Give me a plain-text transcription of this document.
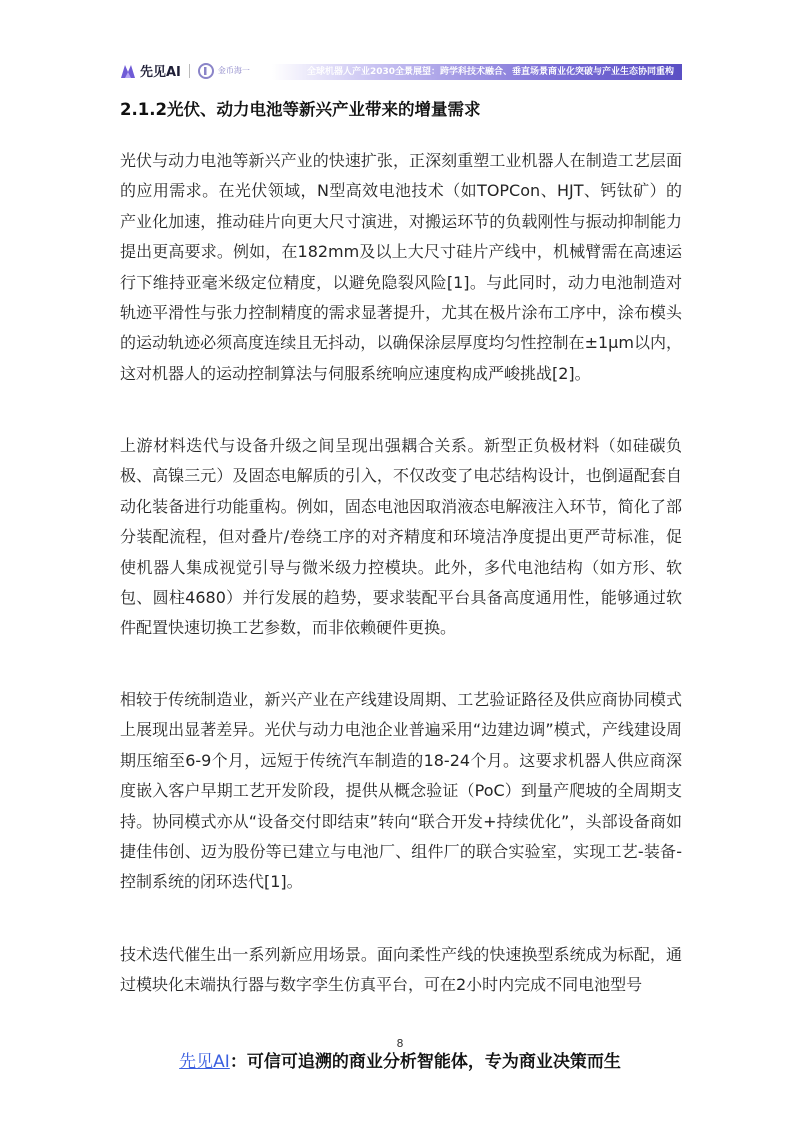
先见AI	金币海一	全球机器人产业2030全景展望：跨学科技术融合、垂直场景商业化突破与产业生态协同重构
2.1.2光伏、动力电池等新兴产业带来的增量需求

光伏与动力电池等新兴产业的快速扩张，正深刻重塑工业机器人在制造工艺层面的应用需求。在光伏领域，N型高效电池技术（如TOPCon、HJT、钙钛矿）的产业化加速，推动硅片向更大尺寸演进，对搬运环节的负载刚性与振动抑制能力提出更高要求。例如，在182mm及以上大尺寸硅片产线中，机械臂需在高速运行下维持亚毫米级定位精度，以避免隐裂风险[1]。与此同时，动力电池制造对轨迹平滑性与张力控制精度的需求显著提升，尤其在极片涂布工序中，涂布模头的运动轨迹必须高度连续且无抖动，以确保涂层厚度均匀性控制在±1μm以内，这对机器人的运动控制算法与伺服系统响应速度构成严峻挑战[2]。

上游材料迭代与设备升级之间呈现出强耦合关系。新型正负极材料（如硅碳负极、高镍三元）及固态电解质的引入，不仅改变了电芯结构设计，也倒逼配套自动化装备进行功能重构。例如，固态电池因取消液态电解液注入环节，简化了部分装配流程，但对叠片/卷绕工序的对齐精度和环境洁净度提出更严苛标准，促使机器人集成视觉引导与微米级力控模块。此外，多代电池结构（如方形、软包、圆柱4680）并行发展的趋势，要求装配平台具备高度通用性，能够通过软件配置快速切换工艺参数，而非依赖硬件更换。

相较于传统制造业，新兴产业在产线建设周期、工艺验证路径及供应商协同模式上展现出显著差异。光伏与动力电池企业普遍采用“边建边调”模式，产线建设周期压缩至6-9个月，远短于传统汽车制造的18-24个月。这要求机器人供应商深度嵌入客户早期工艺开发阶段，提供从概念验证（PoC）到量产爬坡的全周期支持。协同模式亦从“设备交付即结束”转向“联合开发+持续优化”，头部设备商如捷佳伟创、迈为股份等已建立与电池厂、组件厂的联合实验室，实现工艺-装备-控制系统的闭环迭代[1]。

技术迭代催生出一系列新应用场景。面向柔性产线的快速换型系统成为标配，通过模块化末端执行器与数字孪生仿真平台，可在2小时内完成不同电池型号

8
先见AI：可信可追溯的商业分析智能体，专为商业决策而生
